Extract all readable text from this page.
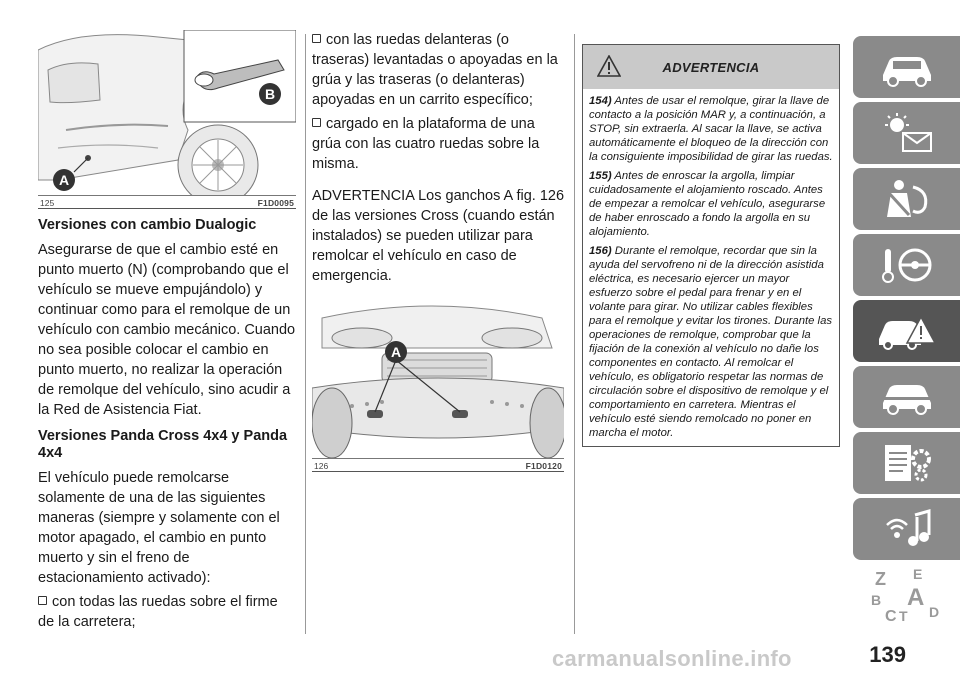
B
A
125	F1D0095
Versiones con cambio Dualogic
Asegurarse de que el cambio esté en punto muerto (N) (comprobando que el vehículo se mueve empujándolo) y continuar como para el remolque de un vehículo con cambio mecánico. Cuando no sea posible colocar el cambio en punto muerto, no realizar la operación de remolque del vehículo, sino acudir a la Red de Asistencia Fiat.
Versiones Panda Cross 4x4 y Panda 4x4
El vehículo puede remolcarse solamente de una de las siguientes maneras (siempre y solamente con el motor apagado, el cambio en punto muerto y sin el freno de estacionamiento activado):
con todas las ruedas sobre el firme de la carretera;
con las ruedas delanteras (o traseras) levantadas o apoyadas en la grúa y las traseras (o delanteras) apoyadas en un carrito específico;
cargado en la plataforma de una grúa con las cuatro ruedas sobre la misma.
ADVERTENCIA Los ganchos A fig. 126 de las versiones Cross (cuando están instalados) se pueden utilizar para remolcar el vehículo en caso de emergencia.
A
126	F1D0120
ADVERTENCIA
154) Antes de usar el remolque, girar la llave de contacto a la posición MAR y, a continuación, a STOP, sin extraerla. Al sacar la llave, se activa automáticamente el bloqueo de la dirección con la consiguiente imposibilidad de girar las ruedas.
155) Antes de enroscar la argolla, limpiar cuidadosamente el alojamiento roscado. Antes de empezar a remolcar el vehículo, asegurarse de haber enroscado a fondo la argolla en su alojamiento.
156) Durante el remolque, recordar que sin la ayuda del servofreno ni de la dirección asistida eléctrica, es necesario ejercer un mayor esfuerzo sobre el pedal para frenar y en el volante para girar. No utilizar cables flexibles para el remolque y evitar los tirones. Durante las operaciones de remolque, comprobar que la fijación de la conexión al vehículo no dañe los componentes en contacto. Al remolcar el vehículo, es obligatorio respetar las normas de circulación sobre el dispositivo de remolque y el comportamiento en carretera. Mientras el vehículo esté siendo remolcado no poner en marcha el motor.
Z E
B A
C T D
carmanualsonline.info	139
